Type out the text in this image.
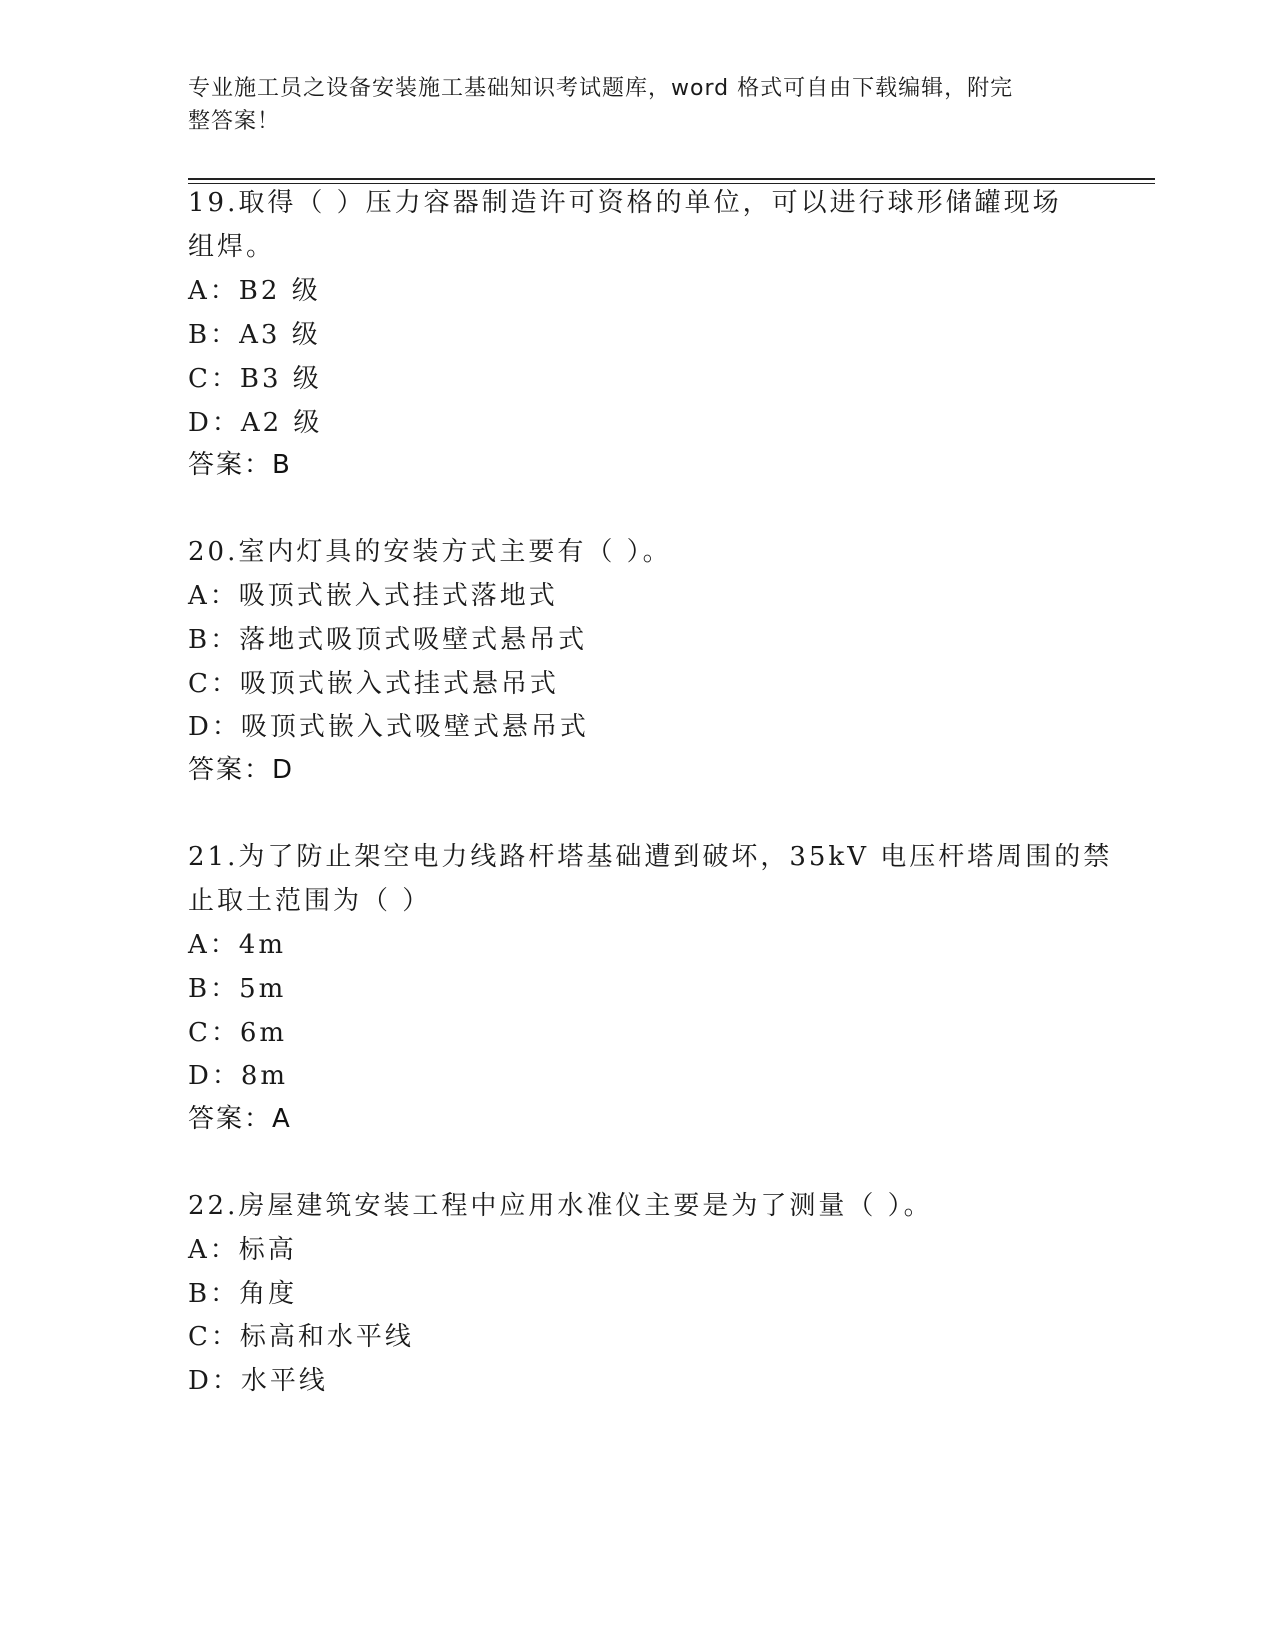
专业施工员之设备安装施工基础知识考试题库，word 格式可自由下载编辑，附完
整答案！
19.取得（ ）压力容器制造许可资格的单位，可以进行球形储罐现场
组焊。
A：B2 级
B：A3 级
C：B3 级
D：A2 级
答案：B
20.室内灯具的安装方式主要有（ ）。
A：吸顶式嵌入式挂式落地式
B：落地式吸顶式吸壁式悬吊式
C：吸顶式嵌入式挂式悬吊式
D：吸顶式嵌入式吸壁式悬吊式
答案：D
21.为了防止架空电力线路杆塔基础遭到破坏，35kV 电压杆塔周围的禁
止取土范围为（ ）
A：4m
B：5m
C：6m
D：8m
答案：A
22.房屋建筑安装工程中应用水准仪主要是为了测量（ ）。
A：标高
B：角度
C：标高和水平线
D：水平线
